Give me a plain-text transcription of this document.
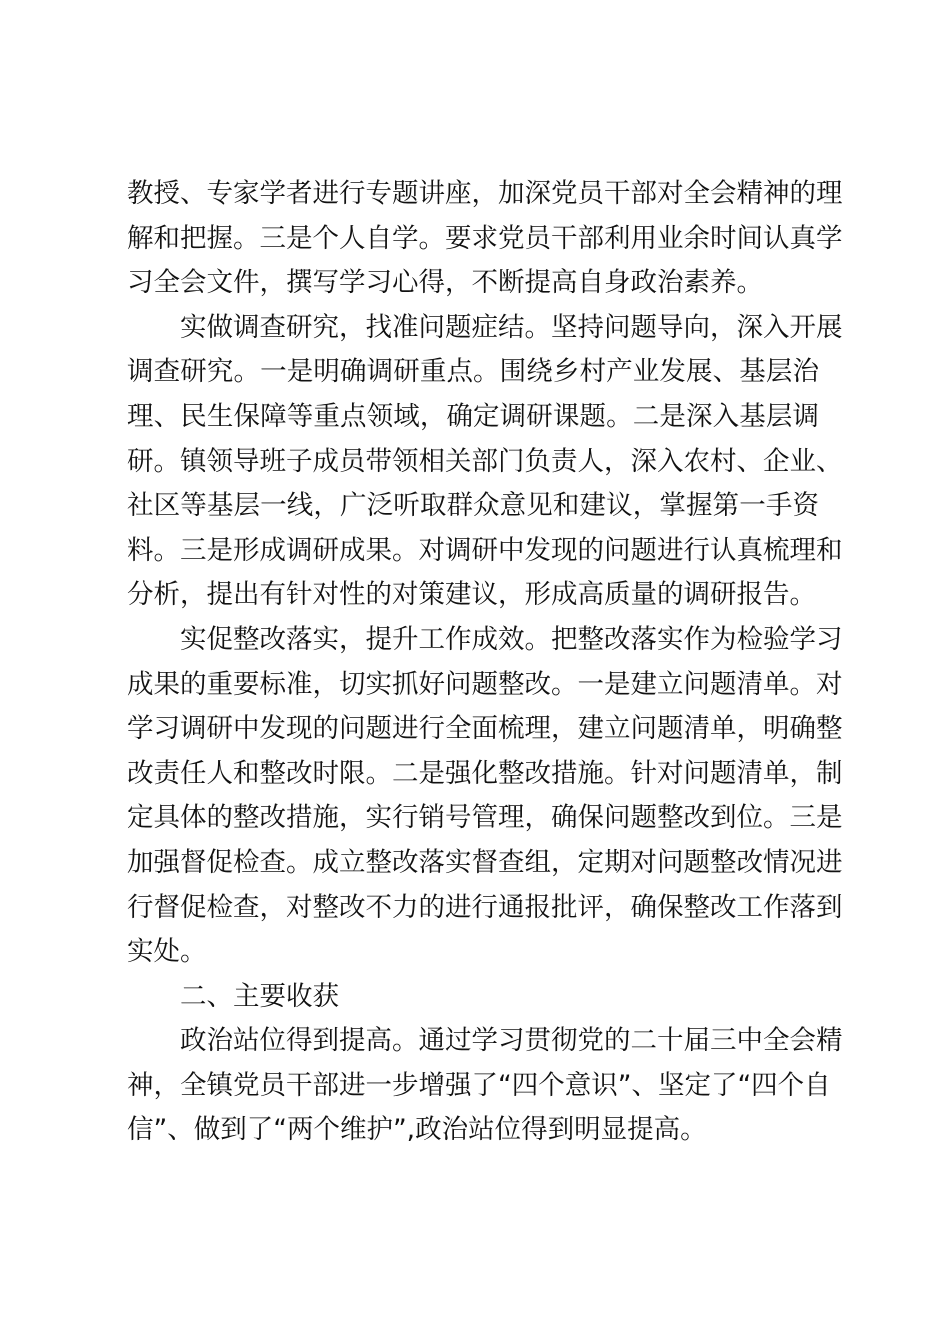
教授、专家学者进行专题讲座，加深党员干部对全会精神的理
解和把握。三是个人自学。要求党员干部利用业余时间认真学
习全会文件，撰写学习心得，不断提高自身政治素养。
实做调查研究，找准问题症结。坚持问题导向，深入开展
调查研究。一是明确调研重点。围绕乡村产业发展、基层治
理、民生保障等重点领域，确定调研课题。二是深入基层调
研。镇领导班子成员带领相关部门负责人，深入农村、企业、
社区等基层一线，广泛听取群众意见和建议，掌握第一手资
料。三是形成调研成果。对调研中发现的问题进行认真梳理和
分析，提出有针对性的对策建议，形成高质量的调研报告。
实促整改落实，提升工作成效。把整改落实作为检验学习
成果的重要标准，切实抓好问题整改。一是建立问题清单。对
学习调研中发现的问题进行全面梳理，建立问题清单，明确整
改责任人和整改时限。二是强化整改措施。针对问题清单，制
定具体的整改措施，实行销号管理，确保问题整改到位。三是
加强督促检查。成立整改落实督查组，定期对问题整改情况进
行督促检查，对整改不力的进行通报批评，确保整改工作落到
实处。
二、主要收获
政治站位得到提高。通过学习贯彻党的二十届三中全会精
神，全镇党员干部进一步增强了“四个意识”、坚定了“四个自
信”、做到了“两个维护”,政治站位得到明显提高。
